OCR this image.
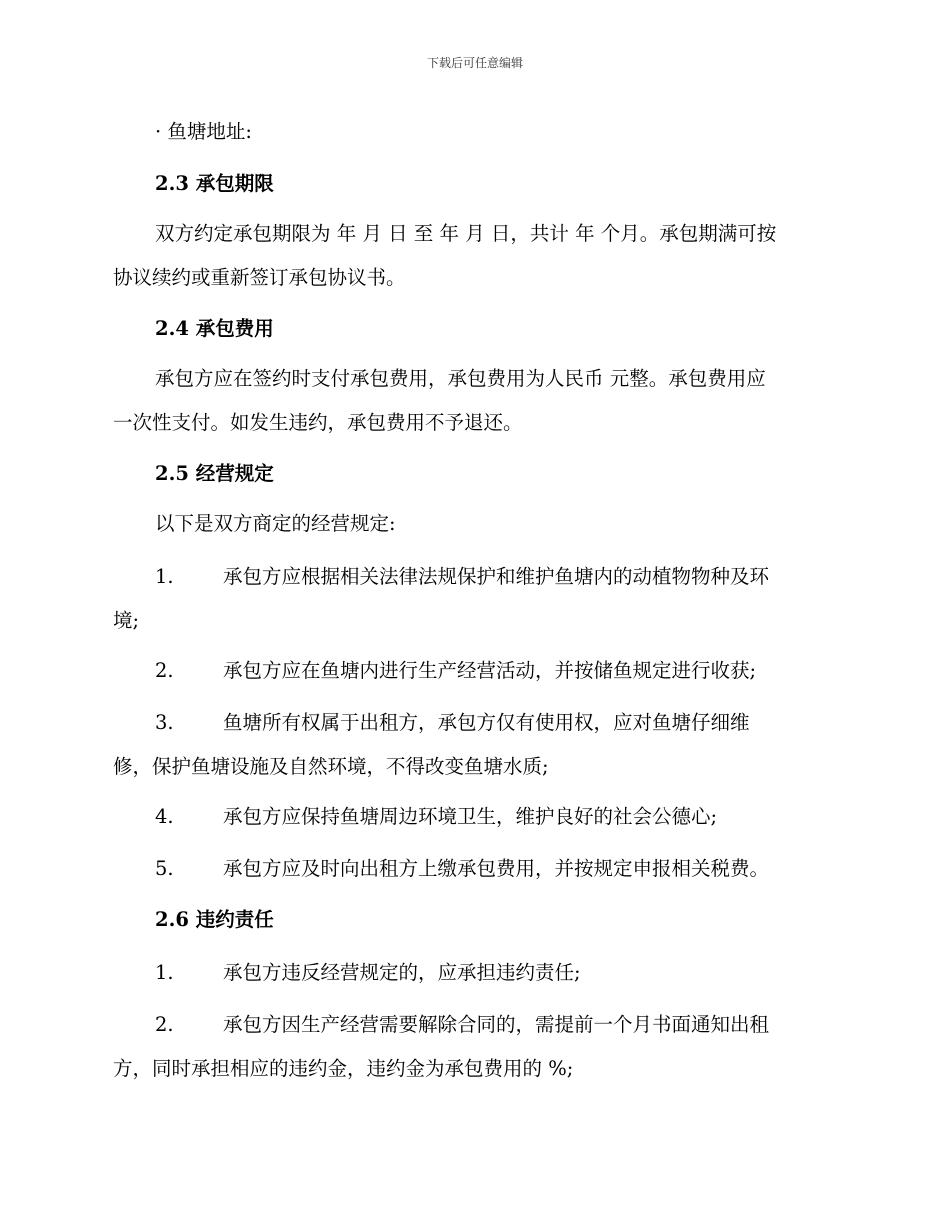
下载后可任意编辑
· 鱼塘地址:
2.3 承包期限
双方约定承包期限为 年 月 日 至 年 月 日，共计 年 个月。承包期满可按
协议续约或重新签订承包协议书。
2.4 承包费用
承包方应在签约时支付承包费用，承包费用为人民币 元整。承包费用应
一次性支付。如发生违约，承包费用不予退还。
2.5 经营规定
以下是双方商定的经营规定:
1.	承包方应根据相关法律法规保护和维护鱼塘内的动植物物种及环
境;
2.	承包方应在鱼塘内进行生产经营活动，并按储鱼规定进行收获;
3.	鱼塘所有权属于出租方，承包方仅有使用权，应对鱼塘仔细维
修，保护鱼塘设施及自然环境，不得改变鱼塘水质;
4.	承包方应保持鱼塘周边环境卫生，维护良好的社会公德心;
5.	承包方应及时向出租方上缴承包费用，并按规定申报相关税费。
2.6 违约责任
1.	承包方违反经营规定的，应承担违约责任;
2.	承包方因生产经营需要解除合同的，需提前一个月书面通知出租
方，同时承担相应的违约金，违约金为承包费用的 %;
